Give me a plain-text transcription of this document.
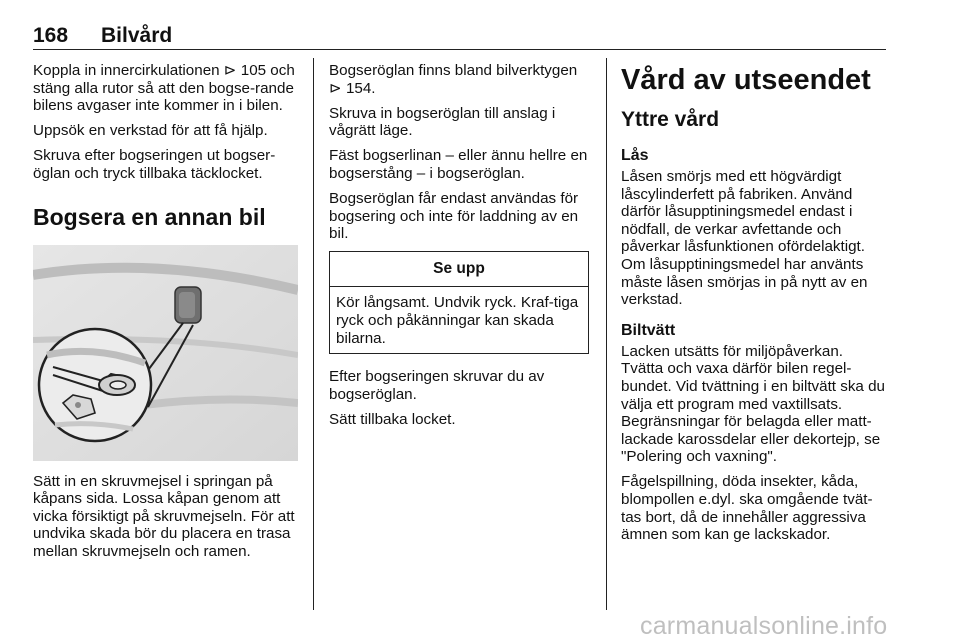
168 Bilvård

Koppla in innercirkulationen ⊳ 105 och stäng alla rutor så att den bogse-rande bilens avgaser inte kommer in i bilen.

Uppsök en verkstad för att få hjälp.

Skruva efter bogseringen ut bogser-öglan och tryck tillbaka täcklocket.

Bogsera en annan bil

Sätt in en skruvmejsel i springan på kåpans sida. Lossa kåpan genom att vicka försiktigt på skruvmejseln. För att undvika skada bör du placera en trasa mellan skruvmejseln och ramen.

Bogseröglan finns bland bilverktygen ⊳ 154.

Skruva in bogseröglan till anslag i vågrätt läge.

Fäst bogserlinan – eller ännu hellre en bogserstång – i bogseröglan.

Bogseröglan får endast användas för bogsering och inte för laddning av en bil.

Se upp
Kör långsamt. Undvik ryck. Kraf-tiga ryck och påkänningar kan skada bilarna.

Efter bogseringen skruvar du av bogseröglan.

Sätt tillbaka locket.

Vård av utseendet
Yttre vård
Lås

Låsen smörjs med ett högvärdigt låscylinderfett på fabriken. Använd därför låsupptiningsmedel endast i nödfall, de verkar avfettande och påverkar låsfunktionen ofördelaktigt. Om låsupptiningsmedel har använts måste låsen smörjas in på nytt av en verkstad.

Biltvätt

Lacken utsätts för miljöpåverkan. Tvätta och vaxa därför bilen regel-bundet. Vid tvättning i en biltvätt ska du välja ett program med vaxtillsats. Begränsningar för belagda eller matt-lackade karossdelar eller dekortejp, se "Polering och vaxning".

Fågelspillning, döda insekter, kåda, blompollen e.dyl. ska omgående tvät-tas bort, då de innehåller aggressiva ämnen som kan ge lackskador.

carmanualsonline.info
